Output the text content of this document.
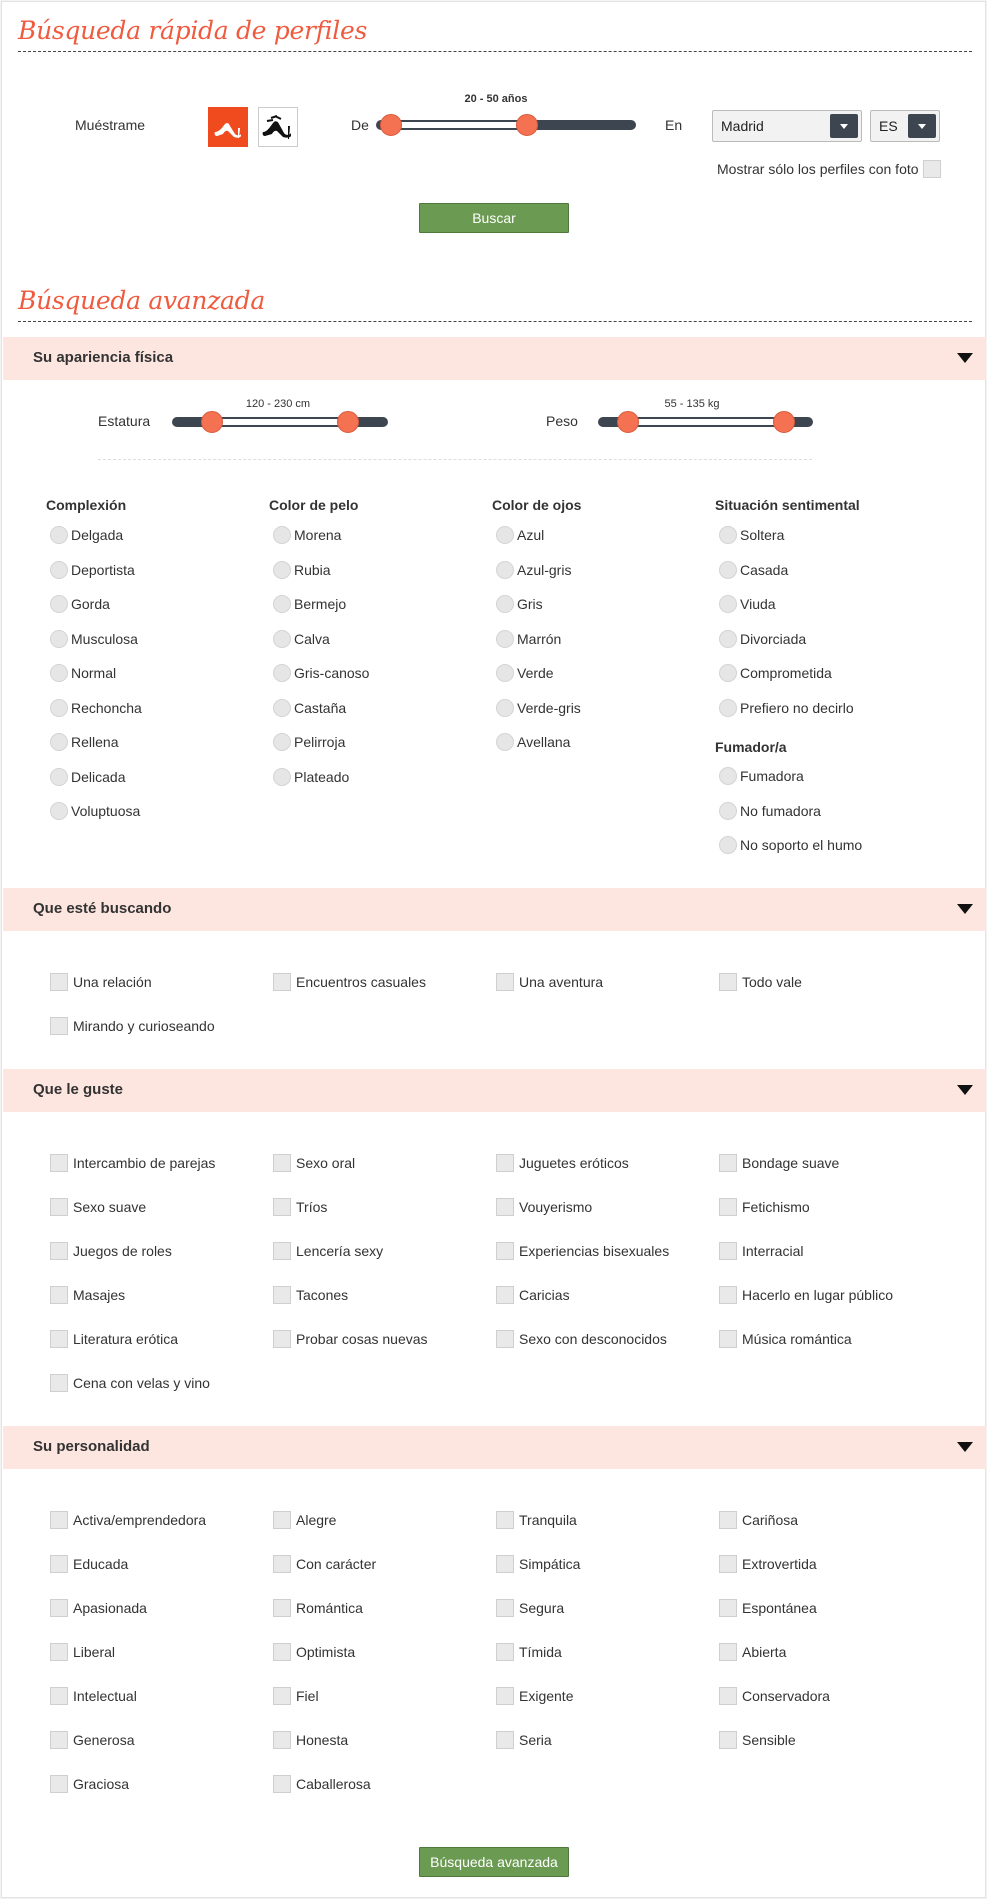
Búsqueda rápida de perfiles
Muéstrame	De
20 - 50 años
En	Madrid	ES
Mostrar sólo los perfiles con foto
Buscar
Búsqueda avanzada
Su apariencia física
Estatura
120 - 230 cm
Peso
55 - 135 kg
Que esté buscando
Que le guste
Su personalidad
Búsqueda avanzada
Complexión
Delgada
Deportista
Gorda
Musculosa
Normal
Rechoncha
Rellena
Delicada
Voluptuosa
Color de pelo
Morena
Rubia
Bermejo
Calva
Gris-canoso
Castaña
Pelirroja
Plateado
Color de ojos
Azul
Azul-gris
Gris
Marrón
Verde
Verde-gris
Avellana
Situación sentimental
Soltera
Casada
Viuda
Divorciada
Comprometida
Prefiero no decirlo
Fumador/a
Fumadora
No fumadora
No soporto el humo
Una relación	Encuentros casuales	Una aventura	Todo vale
Mirando y curioseando
Intercambio de parejas	Sexo oral	Juguetes eróticos	Bondage suave
Sexo suave	Tríos	Vouyerismo	Fetichismo
Juegos de roles	Lencería sexy	Experiencias bisexuales	Interracial
Masajes	Tacones	Caricias	Hacerlo en lugar público
Literatura erótica	Probar cosas nuevas	Sexo con desconocidos	Música romántica
Cena con velas y vino
Activa/emprendedora	Alegre	Tranquila	Cariñosa
Educada	Con carácter	Simpática	Extrovertida
Apasionada	Romántica	Segura	Espontánea
Liberal	Optimista	Tímida	Abierta
Intelectual	Fiel	Exigente	Conservadora
Generosa	Honesta	Seria	Sensible
Graciosa	Caballerosa
